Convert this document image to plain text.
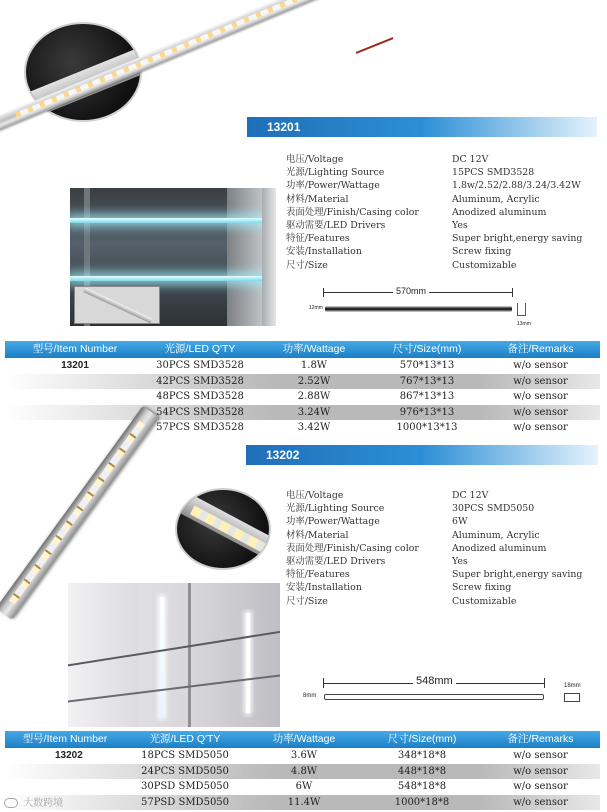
13201
电压/Voltage	DC 12V
光源/Lighting Source	15PCS SMD3528
功率/Power/Wattage	1.8w/2.52/2.88/3.24/3.42W
材料/Material	Aluminum, Acrylic
表面处理/Finish/Casing color	Anodized aluminum
驱动需要/LED Drivers	Yes
特征/Features	Super bright,energy saving
安装/Installation	Screw fixing
尺寸/Size	Customizable
570mm
12mm
13mm
型号/Item Number	光源/LED Q'TY	功率/Wattage	尺寸/Size(mm)	备注/Remarks
13201	30PCS SMD3528	1.8W	570*13*13	w/o sensor
42PCS SMD3528	2.52W	767*13*13	w/o sensor
48PCS SMD3528	2.88W	867*13*13	w/o sensor
54PCS SMD3528	3.24W	976*13*13	w/o sensor
57PCS SMD3528	3.42W	1000*13*13	w/o sensor
13202
电压/Voltage	DC 12V
光源/Lighting Source	30PCS SMD5050
功率/Power/Wattage	6W
材料/Material	Aluminum, Acrylic
表面处理/Finish/Casing color	Anodized aluminum
驱动需要/LED Drivers	Yes
特征/Features	Super bright,energy saving
安装/Installation	Screw fixing
尺寸/Size	Customizable
548mm
8mm
18mm
型号/Item Number	光源/LED Q'TY	功率/Wattage	尺寸/Size(mm)	备注/Remarks
13202	18PCS SMD5050	3.6W	348*18*8	w/o sensor
24PCS SMD5050	4.8W	448*18*8	w/o sensor
30PSD SMD5050	6W	548*18*8	w/o sensor
57PSD SMD5050	11.4W	1000*18*8	w/o sensor
大数跨境
